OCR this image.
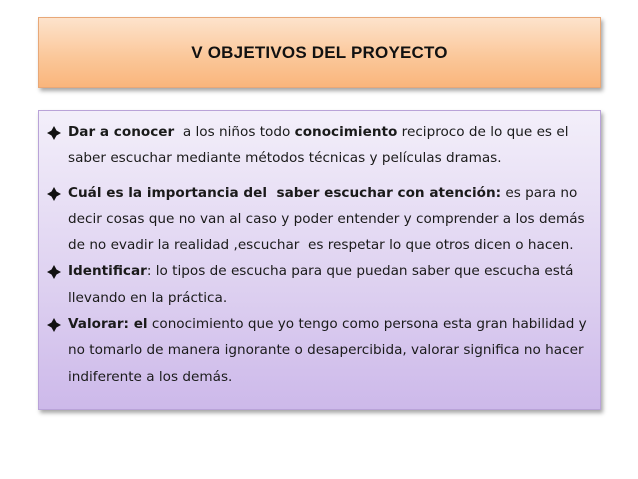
V OBJETIVOS DEL PROYECTO
Dar a conocer  a los niños todo conocimiento reciproco de lo que es el saber escuchar mediante métodos técnicas y películas dramas.
Cuál es la importancia del  saber escuchar con atención: es para no decir cosas que no van al caso y poder entender y comprender a los demás de no evadir la realidad ,escuchar  es respetar lo que otros dicen o hacen.
Identificar: lo tipos de escucha para que puedan saber que escucha está llevando en la práctica.
Valorar: el conocimiento que yo tengo como persona esta gran habilidad y no tomarlo de manera ignorante o desapercibida, valorar significa no hacer indiferente a los demás.
